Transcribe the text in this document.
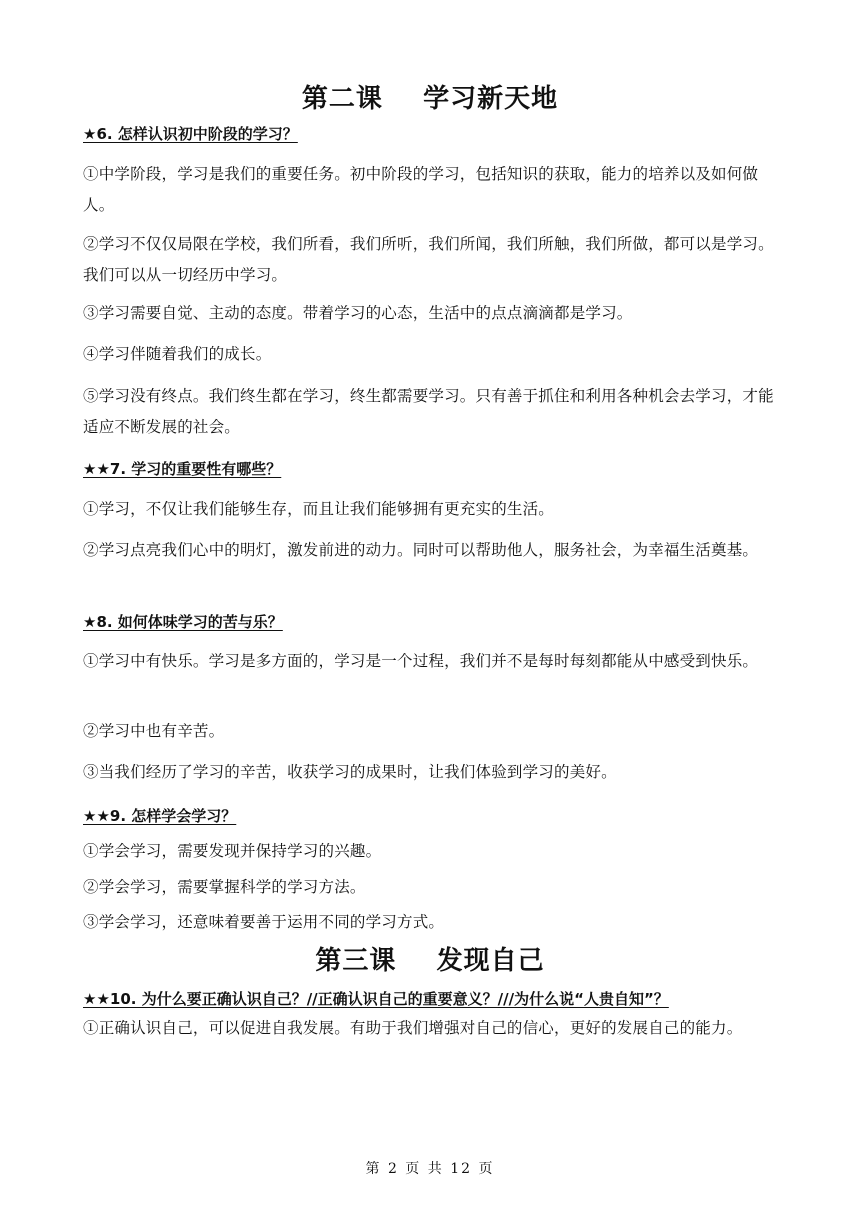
第二课    学习新天地
★6. 怎样认识初中阶段的学习？
①中学阶段，学习是我们的重要任务。初中阶段的学习，包括知识的获取，能力的培养以及如何做人。
②学习不仅仅局限在学校，我们所看，我们所听，我们所闻，我们所触，我们所做，都可以是学习。我们可以从一切经历中学习。
③学习需要自觉、主动的态度。带着学习的心态，生活中的点点滴滴都是学习。
④学习伴随着我们的成长。
⑤学习没有终点。我们终生都在学习，终生都需要学习。只有善于抓住和利用各种机会去学习，才能适应不断发展的社会。
★★7. 学习的重要性有哪些？
①学习，不仅让我们能够生存，而且让我们能够拥有更充实的生活。
②学习点亮我们心中的明灯，激发前进的动力。同时可以帮助他人，服务社会，为幸福生活奠基。
★8. 如何体味学习的苦与乐？
①学习中有快乐。学习是多方面的，学习是一个过程，我们并不是每时每刻都能从中感受到快乐。
②学习中也有辛苦。
③当我们经历了学习的辛苦，收获学习的成果时，让我们体验到学习的美好。
★★9. 怎样学会学习？
①学会学习，需要发现并保持学习的兴趣。
②学会学习，需要掌握科学的学习方法。
③学会学习，还意味着要善于运用不同的学习方式。
第三课    发现自己
★★10. 为什么要正确认识自己？//正确认识自己的重要意义？///为什么说“人贵自知”？
①正确认识自己，可以促进自我发展。有助于我们增强对自己的信心，更好的发展自己的能力。
第 2 页 共 12 页
